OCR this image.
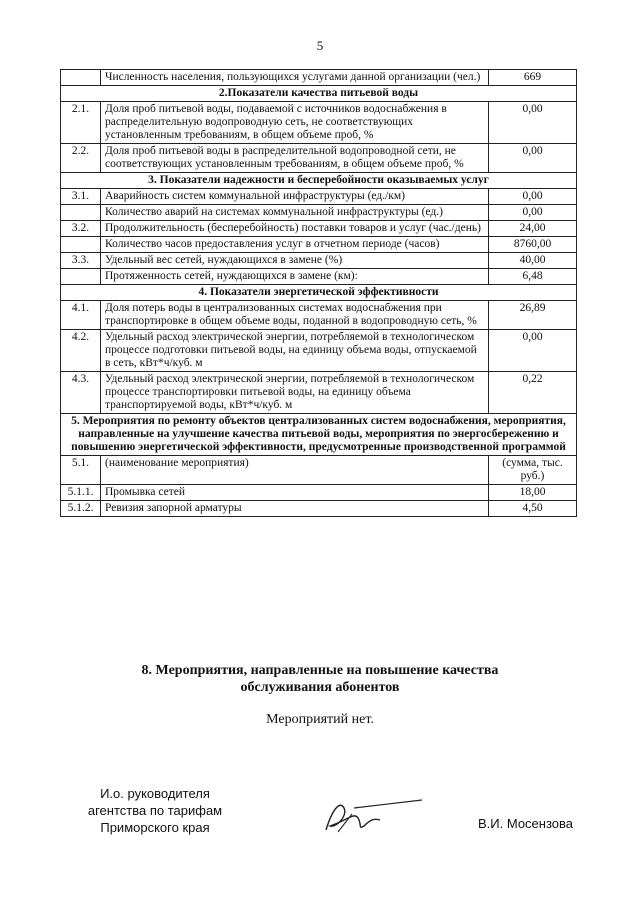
5
	Численность населения, пользующихся услугами данной организации (чел.)	669
2.Показатели качества питьевой воды		
2.1.	Доля проб питьевой воды, подаваемой с источников водоснабжения в распределительную водопроводную сеть, не соответствующих установленным требованиям, в общем объеме проб, %	0,00
2.2.	Доля проб питьевой воды в распределительной водопроводной сети, не соответствующих установленным требованиям, в общем объеме проб, %	0,00
3. Показатели надежности и бесперебойности оказываемых услуг		
3.1.	Аварийность систем коммунальной инфраструктуры (ед./км)	0,00
	Количество аварий на системах коммунальной инфраструктуры (ед.)	0,00
3.2.	Продолжительность (бесперебойность) поставки товаров и услуг (час./день)	24,00
	Количество часов предоставления услуг в отчетном периоде (часов)	8760,00
3.3.	Удельный вес сетей, нуждающихся в замене (%)	40,00
	Протяженность сетей, нуждающихся в замене (км):	6,48
4. Показатели энергетической эффективности		
4.1.	Доля потерь воды в централизованных системах водоснабжения при транспортировке в общем объеме воды, поданной в водопроводную сеть, %	26,89
4.2.	Удельный расход электрической энергии, потребляемой в технологическом процессе подготовки питьевой воды, на единицу объема воды, отпускаемой в сеть, кВт*ч/куб. м	0,00
4.3.	Удельный расход электрической энергии, потребляемой в технологическом процессе транспортировки питьевой воды, на единицу объема транспортируемой воды, кВт*ч/куб. м	0,22
5. Мероприятия по ремонту объектов централизованных систем водоснабжения, мероприятия, направленные на улучшение качества питьевой воды, мероприятия по энергосбережению и повышению энергетической эффективности, предусмотренные производственной программой		
5.1.	(наименование мероприятия)	(сумма, тыс. руб.)
5.1.1.	Промывка сетей	18,00
5.1.2.	Ревизия запорной арматуры	4,50
8. Мероприятия, направленные на повышение качества
обслуживания абонентов
Мероприятий нет.
И.о. руководителя
агентства по тарифам
Приморского края	В.И. Мосензова
